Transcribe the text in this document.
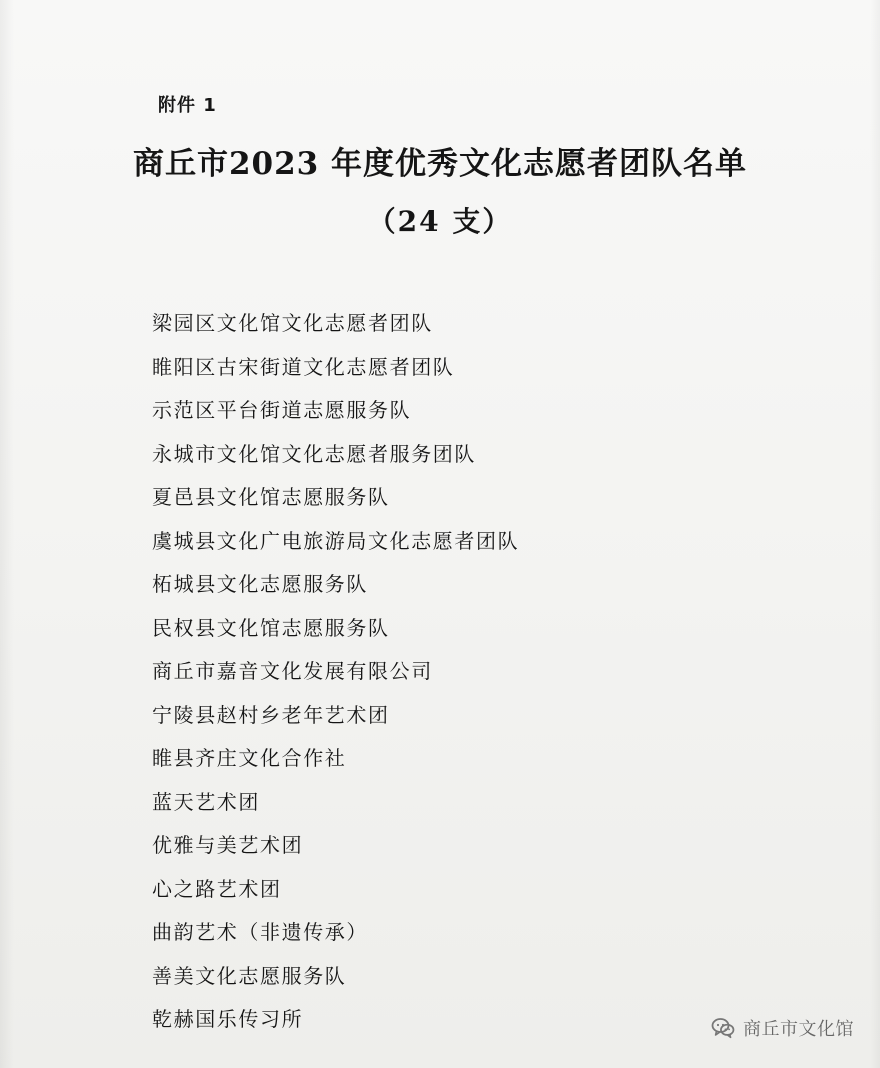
附件 1
商丘市2023 年度优秀文化志愿者团队名单
（24 支）
梁园区文化馆文化志愿者团队
睢阳区古宋街道文化志愿者团队
示范区平台街道志愿服务队
永城市文化馆文化志愿者服务团队
夏邑县文化馆志愿服务队
虞城县文化广电旅游局文化志愿者团队
柘城县文化志愿服务队
民权县文化馆志愿服务队
商丘市嘉音文化发展有限公司
宁陵县赵村乡老年艺术团
睢县齐庄文化合作社
蓝天艺术团
优雅与美艺术团
心之路艺术团
曲韵艺术（非遗传承）
善美文化志愿服务队
乾赫国乐传习所	商丘市文化馆
